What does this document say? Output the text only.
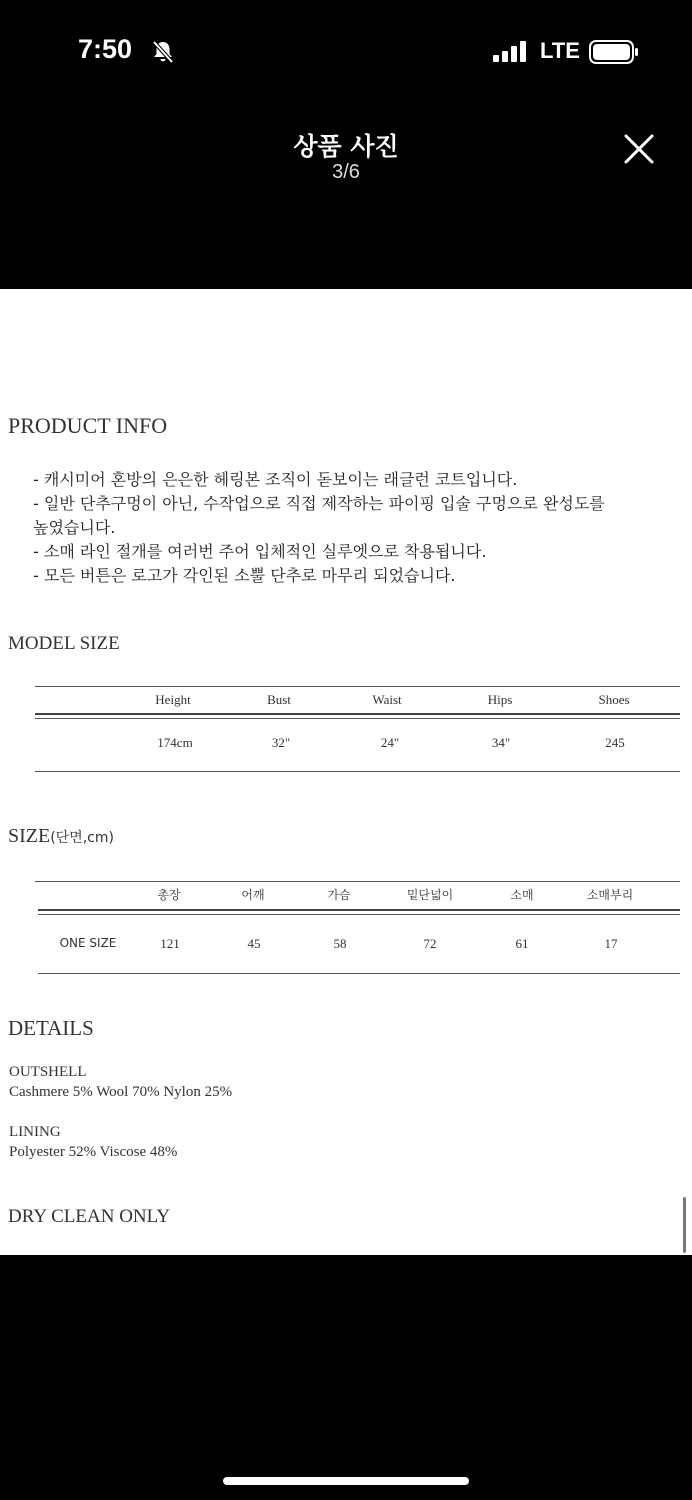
7:50	LTE
상품 사진
3/6
PRODUCT INFO
- 캐시미어 혼방의 은은한 헤링본 조직이 돋보이는 래글런 코트입니다.
- 일반 단추구멍이 아닌, 수작업으로 직접 제작하는 파이핑 입술 구멍으로 완성도를
높였습니다.
- 소매 라인 절개를 여러번 주어 입체적인 실루엣으로 착용됩니다.
- 모든 버튼은 로고가 각인된 소뿔 단추로 마무리 되었습니다.
MODEL SIZE
Height	Bust	Waist	Hips	Shoes
174cm	32"	24"	34"	245
SIZE(단면,cm)
총장	어깨	가슴	밑단넓이	소매	소매부리
ONE SIZE	121	45	58	72	61	17
DETAILS
OUTSHELL
Cashmere 5% Wool 70% Nylon 25%
LINING
Polyester 52% Viscose 48%
DRY CLEAN ONLY
